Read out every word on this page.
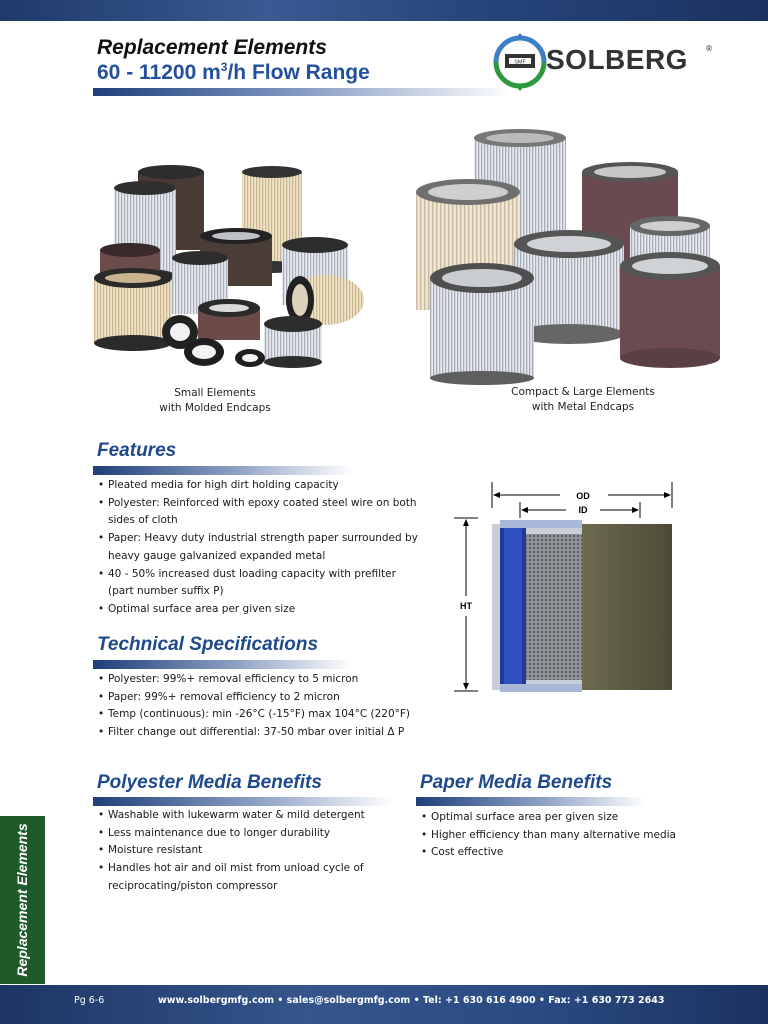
Replacement Elements
60 - 11200 $m^3/h$ Flow Range	SMF SOLBERG ®
Small Elements
with Molded Endcaps
Compact & Large Elements
with Metal Endcaps
Features
• Pleated media for high dirt holding capacity
• Polyester: Reinforced with epoxy coated steel wire on both
sides of cloth
• Paper: Heavy duty industrial strength paper surrounded by
heavy gauge galvanized expanded metal
• 40 - 50% increased dust loading capacity with prefilter
(part number suffix P)
• Optimal surface area per given size
OD
ID
HT
Technical Specifications
• Polyester: 99%+ removal efficiency to 5 micron
• Paper: 99%+ removal efficiency to 2 micron
• Temp (continuous): min -26°C (-15°F) max 104°C (220°F)
• Filter change out differential: 37-50 mbar over initial Δ P
Polyester Media Benefits
• Washable with lukewarm water & mild detergent
• Less maintenance due to longer durability
• Moisture resistant
• Handles hot air and oil mist from unload cycle of
reciprocating/piston compressor
Paper Media Benefits
• Optimal surface area per given size
• Higher efficiency than many alternative media
• Cost effective
Replacement Elements
Pg 6-6	www.solbergmfg.com • sales@solbergmfg.com • Tel: +1 630 616 4900 • Fax: +1 630 773 2643
